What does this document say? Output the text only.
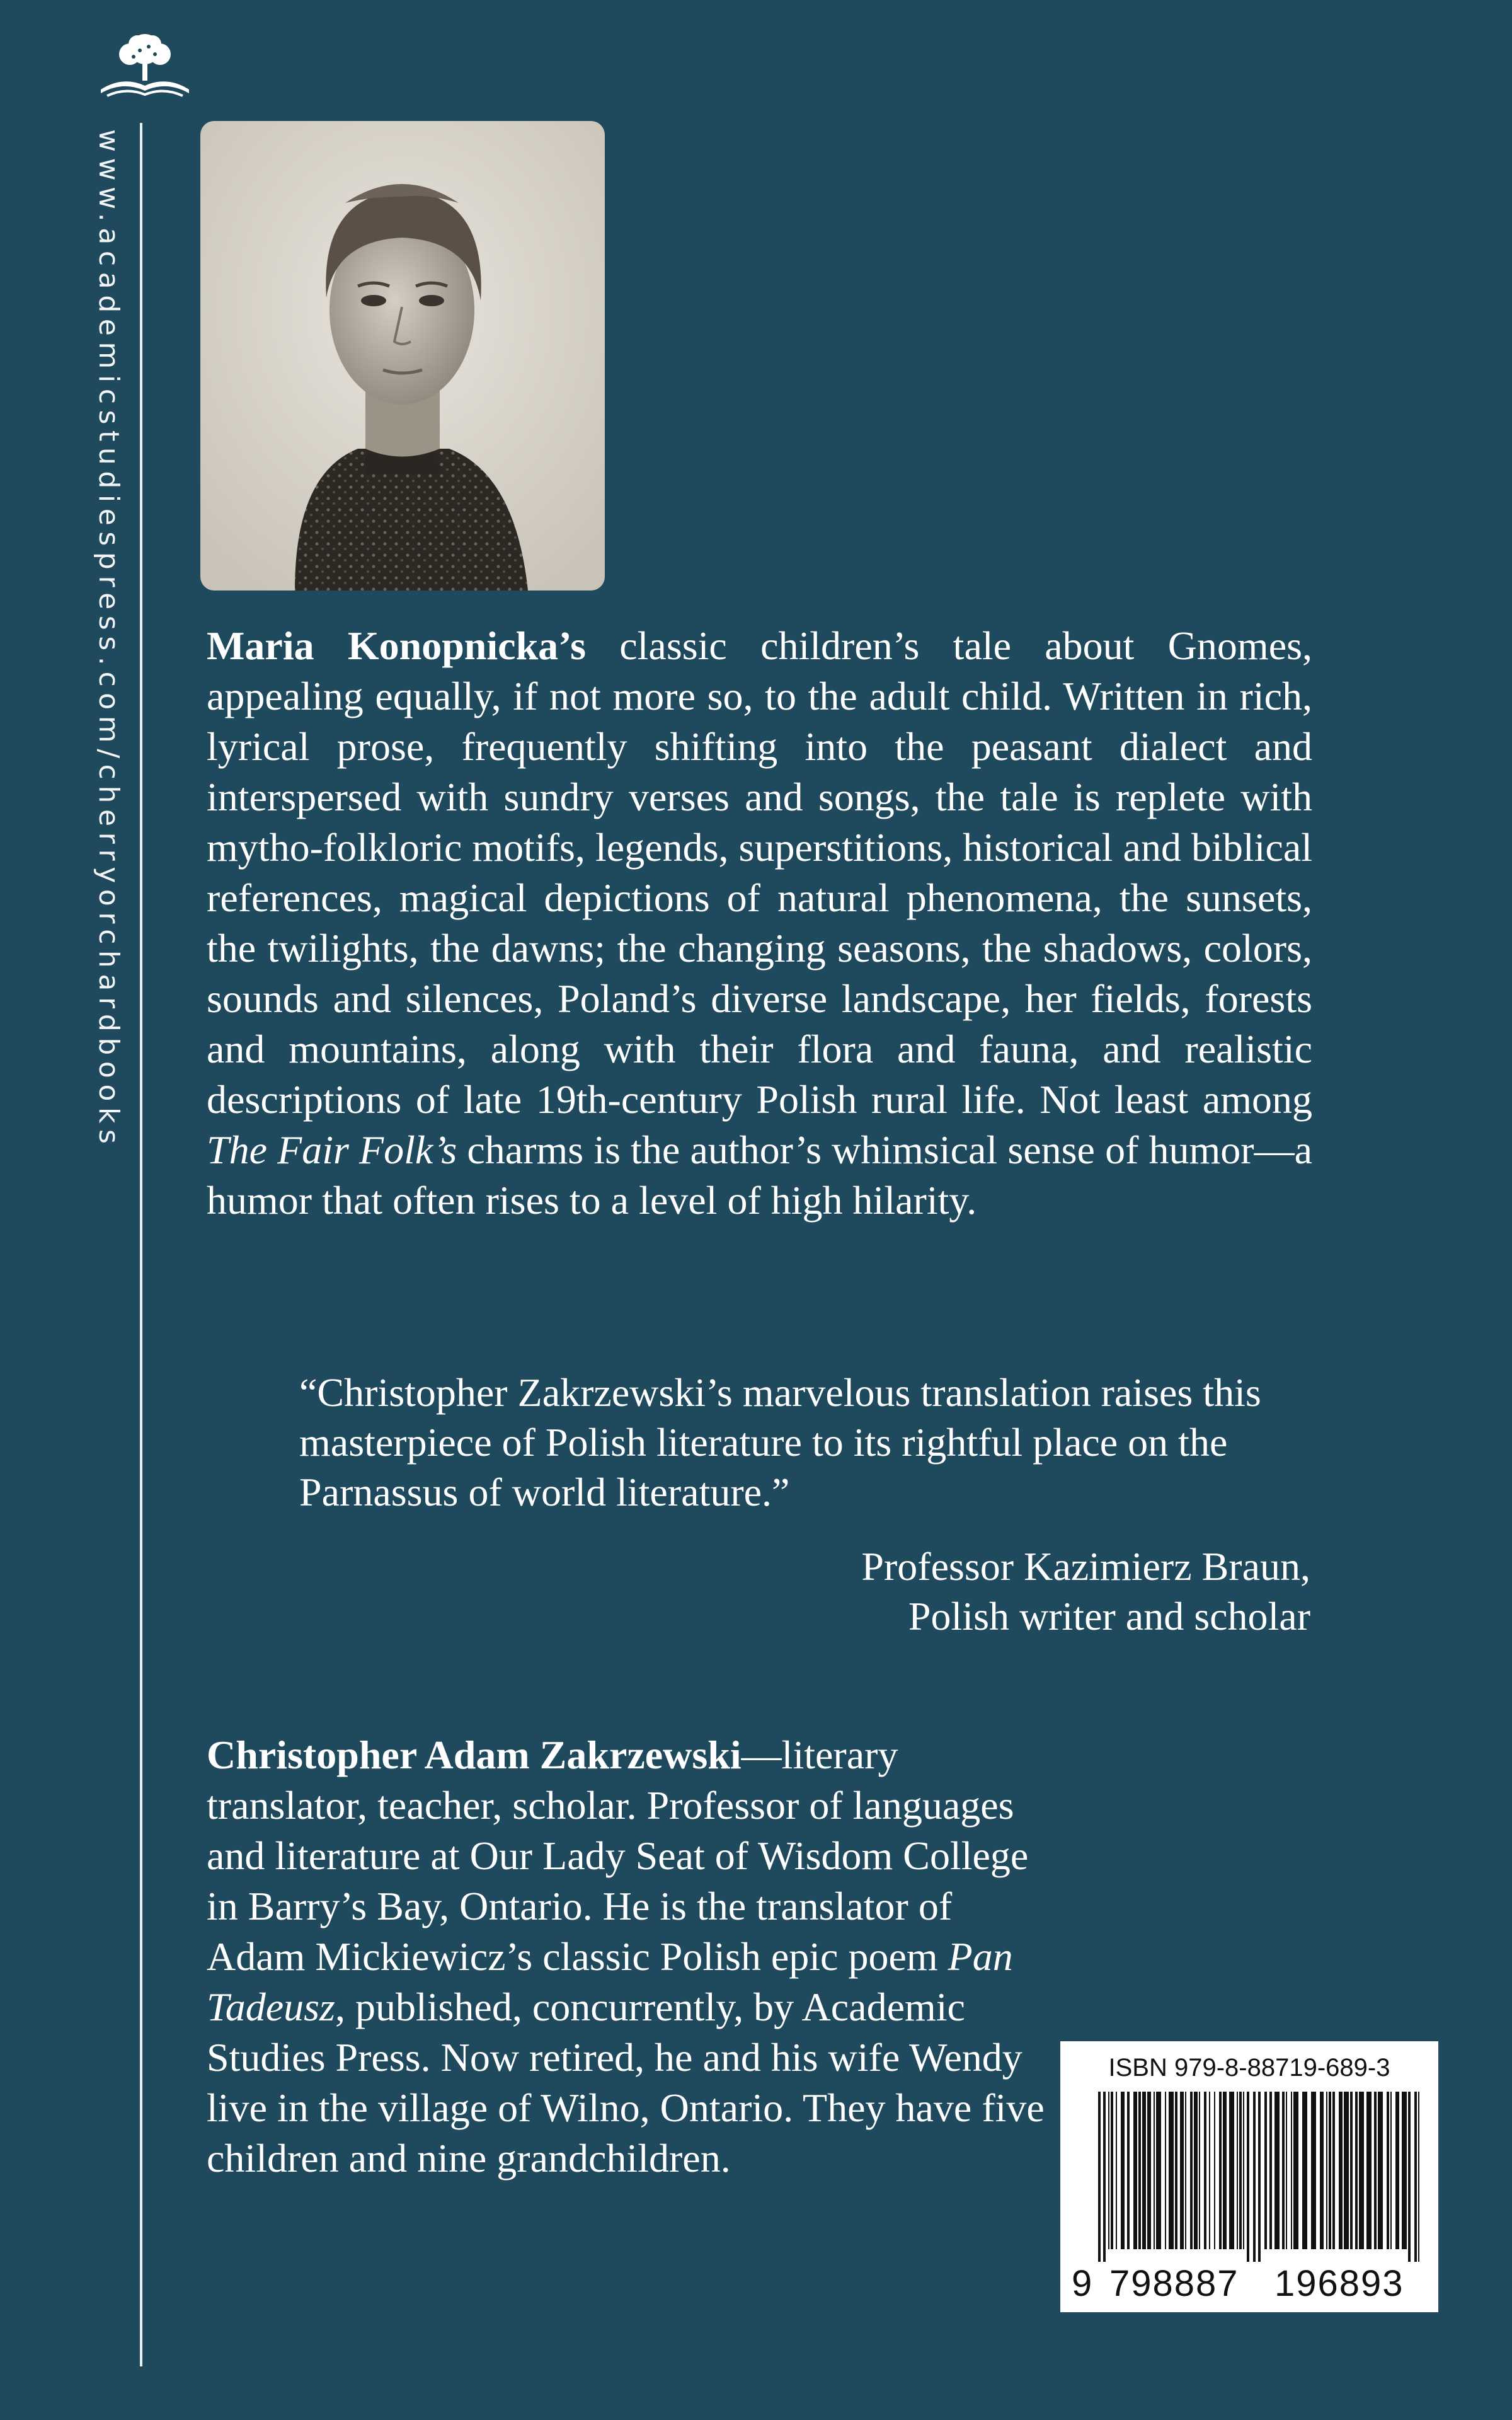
www.academicstudiespress.com/cherryorchardbooks Maria Konopnicka’s classic children’s tale about Gnomes, appealing equally, if not more so, to the adult child. Written in rich, lyrical prose, frequently shifting into the peasant dialect and interspersed with sundry verses and songs, the tale is replete with mytho-folkloric motifs, legends, superstitions, historical and biblical references, magical depictions of natural phenomena, the sunsets, the twilights, the dawns; the changing seasons, the shadows, colors, sounds and silences, Poland’s diverse landscape, her fields, forests and mountains, along with their flora and fauna, and realistic descriptions of late 19th-century Polish rural life. Not least among The Fair Folk’s charms is the author’s whimsical sense of humor—a humor that often rises to a level of high hilarity.

“Christopher Zakrzewski’s marvelous translation raises this masterpiece of Polish literature to its rightful place on the Parnassus of world literature.”

Professor Kazimierz Braun,
Polish writer and scholar

Christopher Adam Zakrzewski—literary translator, teacher, scholar. Professor of languages and literature at Our Lady Seat of Wisdom College in Barry’s Bay, Ontario. He is the translator of Adam Mickiewicz’s classic Polish epic poem Pan Tadeusz, published, concurrently, by Academic Studies Press. Now retired, he and his wife Wendy live in the village of Wilno, Ontario. They have five children and nine grandchildren.

ISBN 979-8-88719-689-3
9 798887 196893
